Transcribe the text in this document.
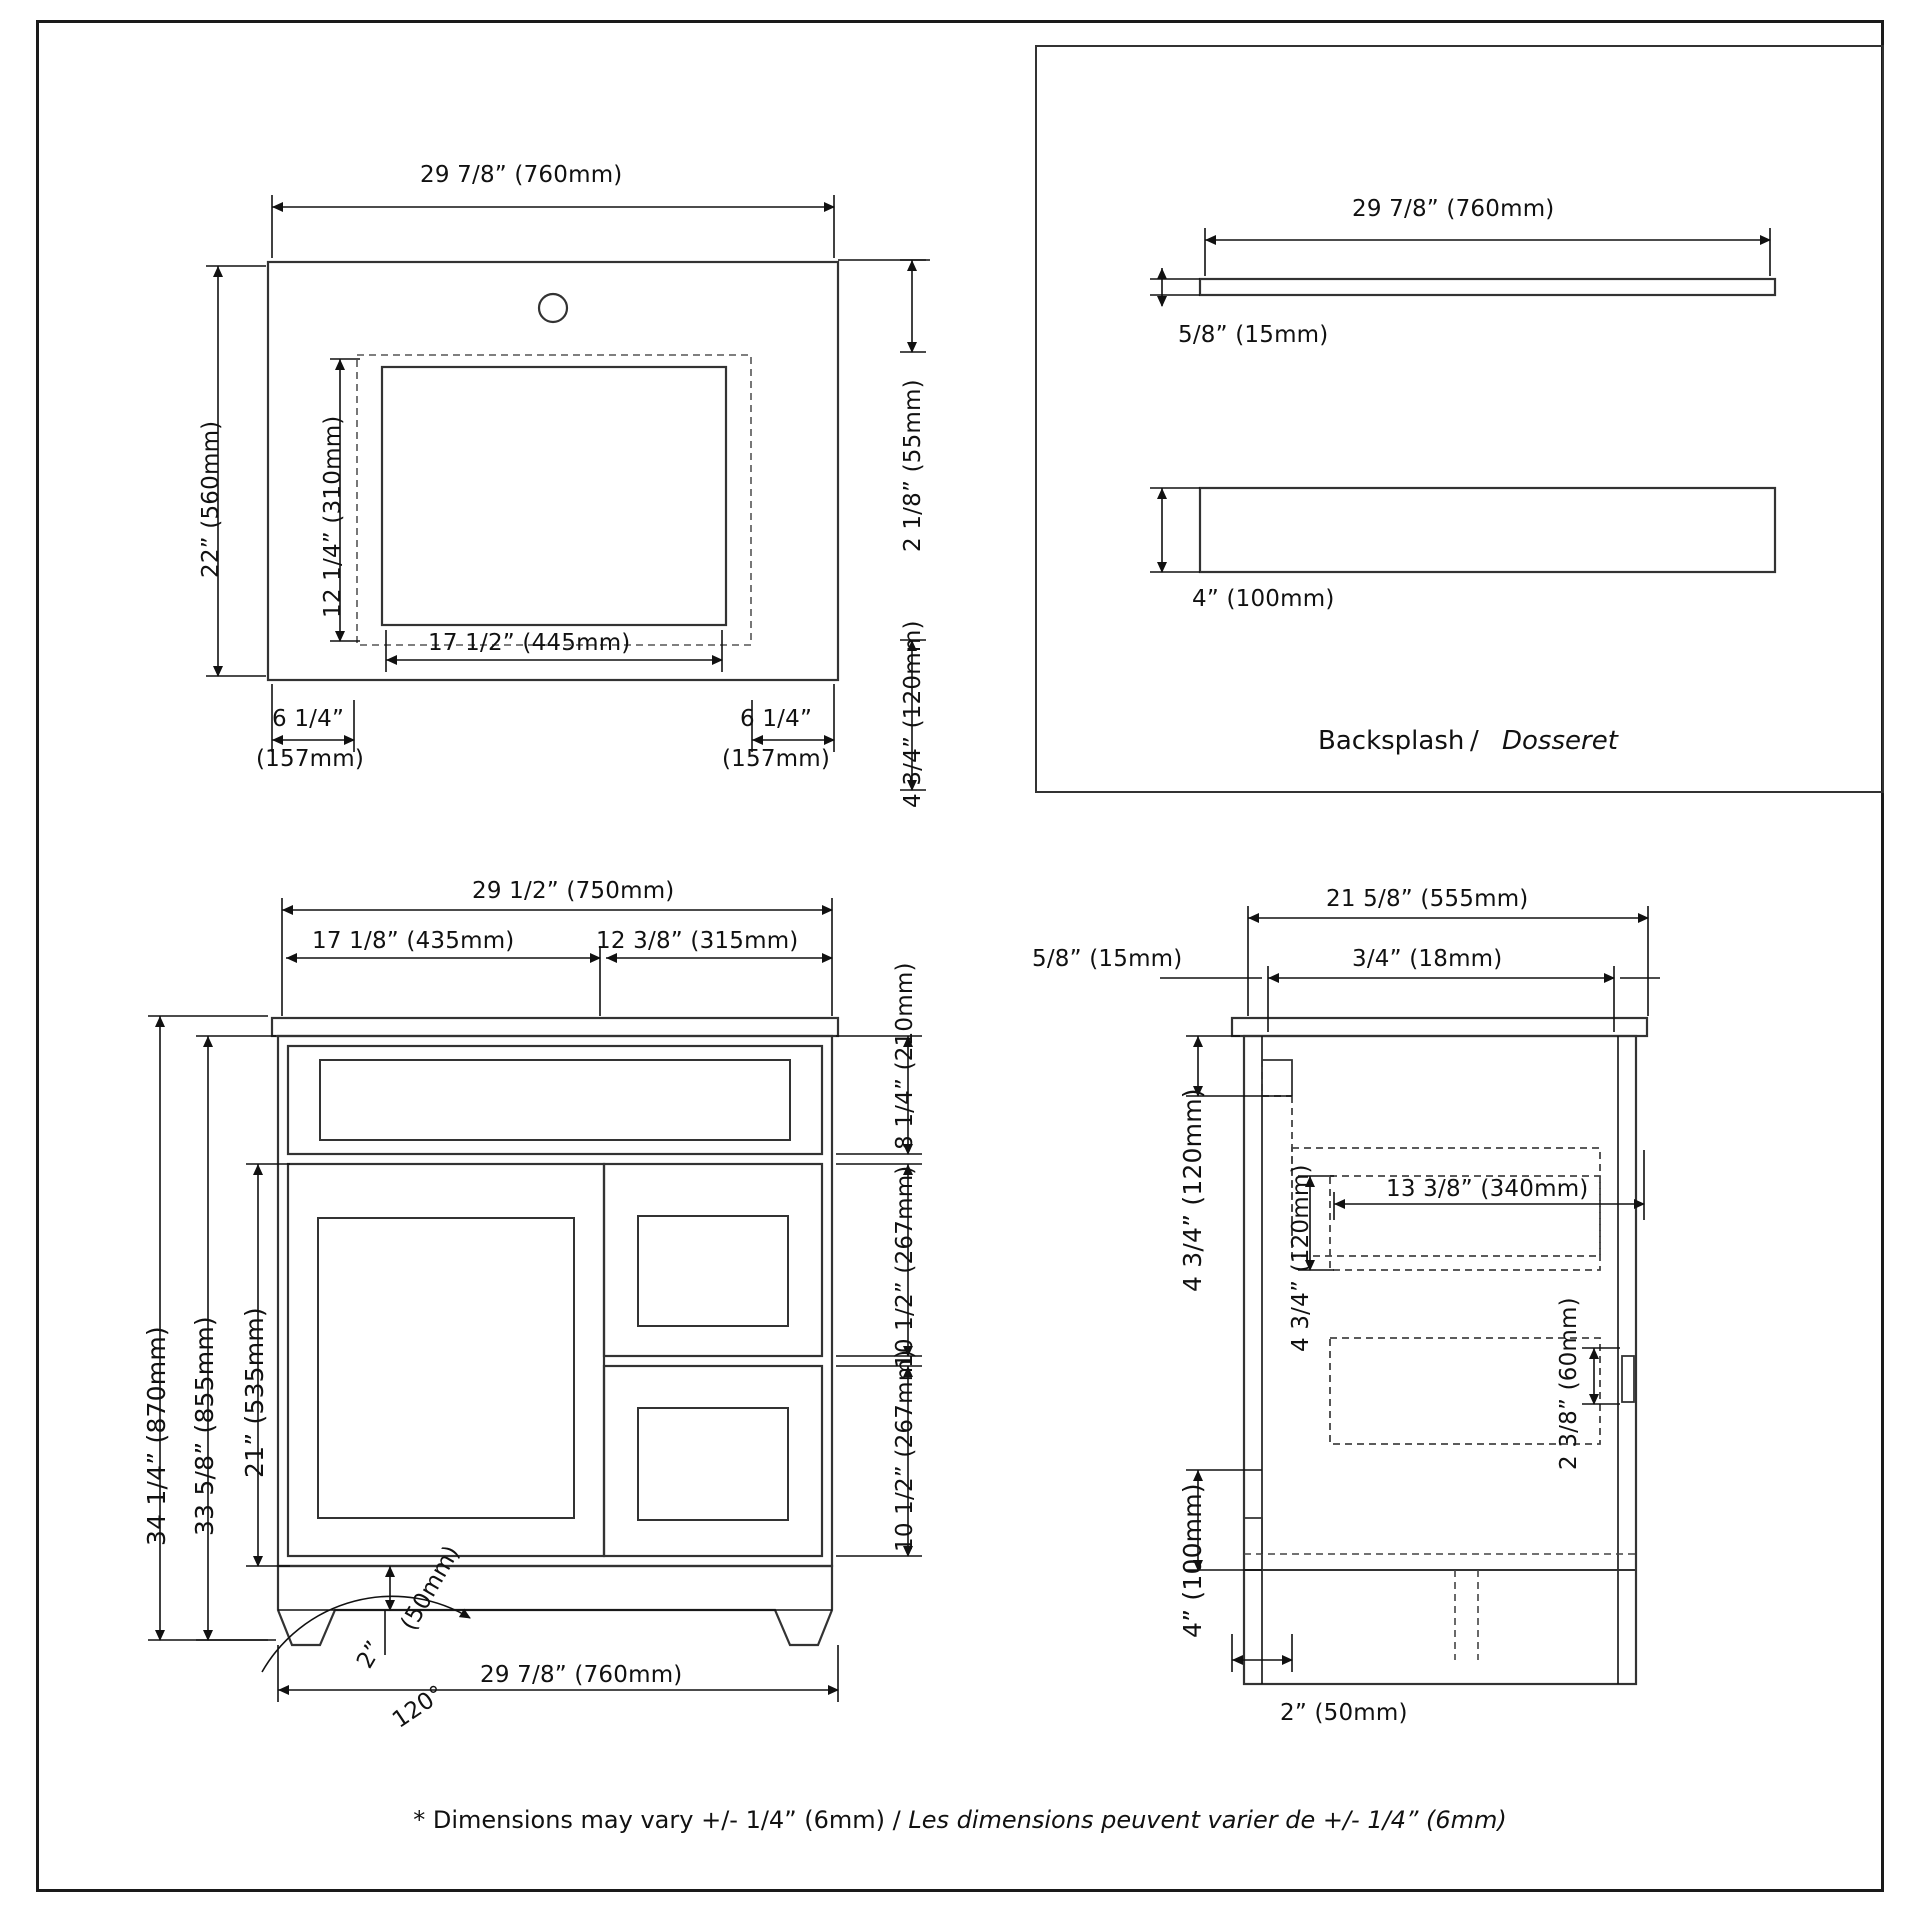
29 7/8” (760mm)
22” (560mm)	12 1/4” (310mm)
17 1/2” (445mm)
6 1/4”
(157mm)
6 1/4”
(157mm)
2 1/8” (55mm)
4 3/4” (120mm)
29 7/8” (760mm)
5/8” (15mm)
4” (100mm)
Backsplash / Dosseret
29 1/2” (750mm)
17 1/8” (435mm)	12 3/8” (315mm)
34 1/4” (870mm) 33 5/8” (855mm) 21” (535mm)
8 1/4” (210mm)
10 1/2” (267mm)
10 1/2” (267mm)
29 7/8” (760mm)
2”
(50mm)
120°
21 5/8” (555mm)
5/8” (15mm)	3/4” (18mm)
4 3/4” (120mm)	13 3/8” (340mm)
4 3/4” (120mm)
2 3/8” (60mm)
4” (100mm)
2” (50mm)
* Dimensions may vary +/- 1/4” (6mm) / Les dimensions peuvent varier de +/- 1/4” (6mm)
